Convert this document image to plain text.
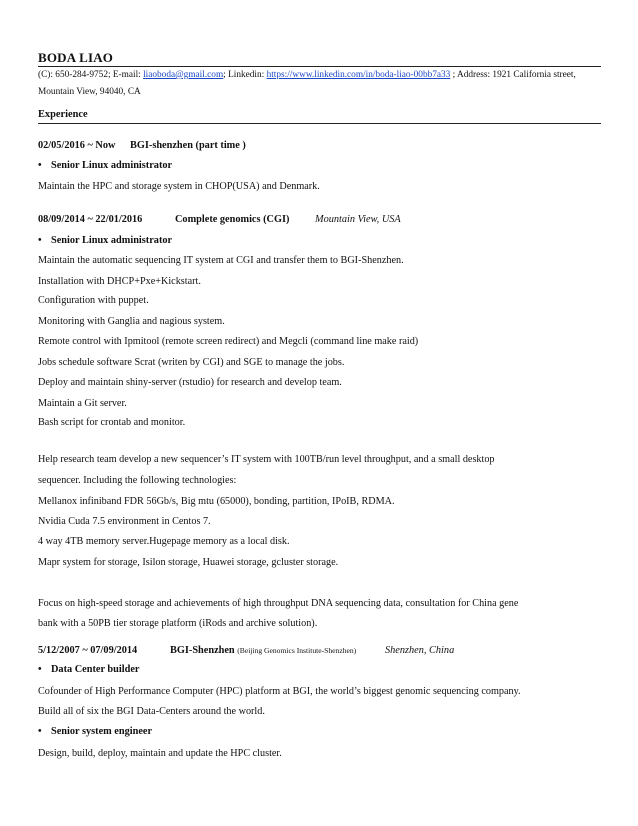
BODA LIAO
(C): 650-284-9752; E-mail: liaoboda@gmail.com; Linkedin: https://www.linkedin.com/in/boda-liao-00bb7a33 ; Address: 1921 California street,
Mountain View, 94040, CA
Experience
02/05/2016 ~ Now BGI-shenzhen (part time )
• Senior Linux administrator
Maintain the HPC and storage system in CHOP(USA) and Denmark.
08/09/2014 ~ 22/01/2016	Complete genomics (CGI) Mountain View, USA
• Senior Linux administrator
Maintain the automatic sequencing IT system at CGI and transfer them to BGI-Shenzhen.
Installation with DHCP+Pxe+Kickstart.
Configuration with puppet.
Monitoring with Ganglia and nagious system.
Remote control with Ipmitool (remote screen redirect) and Megcli (command line make raid)
Jobs schedule software Scrat (writen by CGI) and SGE to manage the jobs.
Deploy and maintain shiny-server (rstudio) for research and develop team.
Maintain a Git server.
Bash script for crontab and monitor.
Help research team develop a new sequencer’s IT system with 100TB/run level throughput, and a small desktop
sequencer. Including the following technologies:
Mellanox infiniband FDR 56Gb/s, Big mtu (65000), bonding, partition, IPoIB, RDMA.
Nvidia Cuda 7.5 environment in Centos 7.
4 way 4TB memory server.Hugepage memory as a local disk.
Mapr system for storage, Isilon storage, Huawei storage, gcluster storage.
Focus on high-speed storage and achievements of high throughput DNA sequencing data, consultation for China gene
bank with a 50PB tier storage platform (iRods and archive solution).
5/12/2007 ~ 07/09/2014	BGI-Shenzhen (Beijing Genomics Institute-Shenzhen)	Shenzhen, China
• Data Center builder
Cofounder of High Performance Computer (HPC) platform at BGI, the world’s biggest genomic sequencing company.
Build all of six the BGI Data-Centers around the world.
• Senior system engineer
Design, build, deploy, maintain and update the HPC cluster.
